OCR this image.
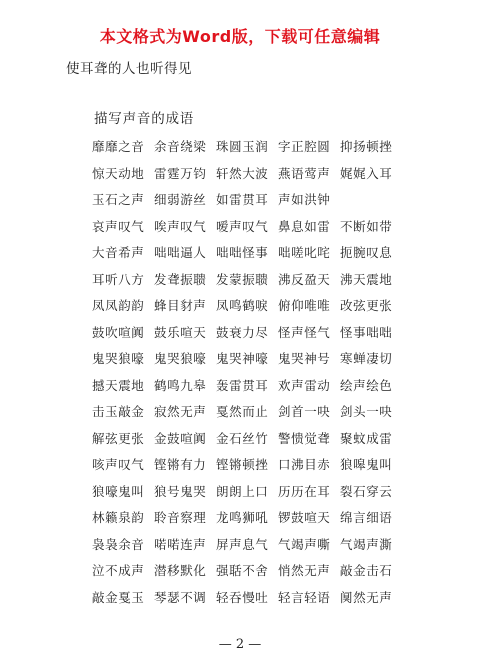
本文格式为Word版，下载可任意编辑
使耳聋的人也听得见
描写声音的成语
靡靡之音 余音绕梁 珠圆玉润 字正腔圆 抑扬顿挫
惊天动地 雷霆万钧 轩然大波 燕语莺声 娓娓入耳
玉石之声 细弱游丝 如雷贯耳 声如洪钟
哀声叹气 唉声叹气 嗳声叹气 鼻息如雷 不断如带
大音希声 咄咄逼人 咄咄怪事 咄嗟叱咤 扼腕叹息
耳听八方 发聋振聩 发蒙振聩 沸反盈天 沸天震地
凤凤韵韵 蜂目豺声 凤鸣鹤唳 俯仰唯唯 改弦更张
鼓吹喧阗 鼓乐喧天 鼓衰力尽 怪声怪气 怪事咄咄
鬼哭狼嚎 鬼哭狼嚎 鬼哭神嚎 鬼哭神号 寒蝉凄切
撼天震地 鹤鸣九皋 轰雷贯耳 欢声雷动 绘声绘色
击玉敲金 寂然无声 戛然而止 剑首一吷 剑头一吷
解弦更张 金鼓喧阗 金石丝竹 警愦觉聋 聚蚊成雷
咳声叹气 铿锵有力 铿锵顿挫 口沸目赤 狼嗥鬼叫
狼嚎鬼叫 狼号鬼哭 朗朗上口 历历在耳 裂石穿云
林籁泉韵 聆音察理 龙鸣狮吼 锣鼓喧天 绵言细语
袅袅余音 喏喏连声 屏声息气 气竭声嘶 气竭声澌
泣不成声 潜移默化 强聒不舍 悄然无声 敲金击石
敲金戛玉 琴瑟不调 轻吞慢吐 轻言轻语 阒然无声
— 2 —
